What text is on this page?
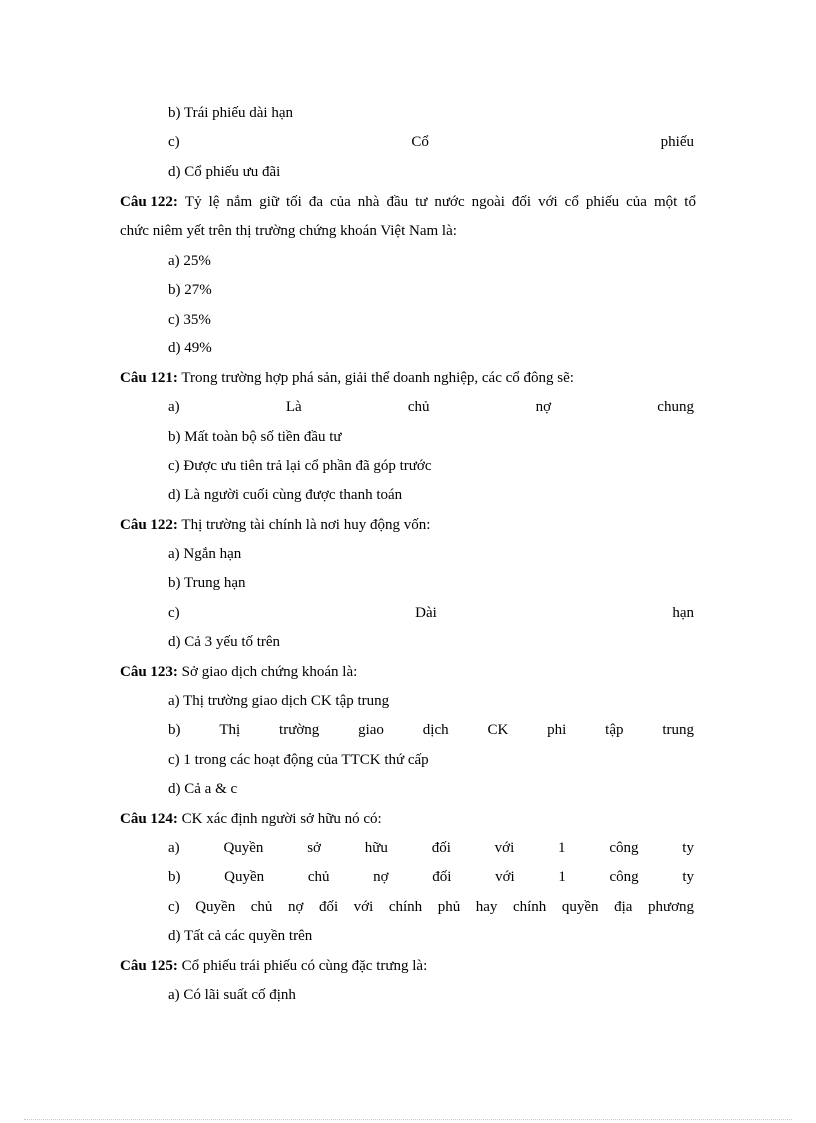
b) Trái phiếu dài hạn
c)	Cổ	phiếu
d) Cổ phiếu ưu đãi
Câu 122: Tỷ lệ nắm giữ tối đa của nhà đầu tư nước ngoài đối với cổ phiếu của một tổ
chức niêm yết trên thị trường chứng khoán Việt Nam là:
a) 25%
b) 27%
c) 35%
d) 49%
Câu 121: Trong trường hợp phá sản, giải thể doanh nghiệp, các cổ đông sẽ:
a)	Là	chủ	nợ	chung
b) Mất toàn bộ số tiền đầu tư
c) Được ưu tiên trả lại cổ phần đã góp trước
d) Là người cuối cùng được thanh toán
Câu 122: Thị trường tài chính là nơi huy động vốn:
a) Ngắn hạn
b) Trung hạn
c)	Dài	hạn
d) Cả 3 yếu tố trên
Câu 123: Sở giao dịch chứng khoán là:
a) Thị trường giao dịch CK tập trung
b)	Thị	trường	giao	dịch	CK	phi	tập	trung
c) 1 trong các hoạt động của TTCK thứ cấp
d) Cả a & c
Câu 124: CK xác định người sở hữu nó có:
a)	Quyền	sở	hữu	đối	với	1	công	ty
b)	Quyền	chủ	nợ	đối	với	1	công	ty
c) Quyền chủ nợ đối với chính phủ hay chính quyền địa phương
d) Tất cả các quyền trên
Câu 125: Cổ phiếu trái phiếu có cùng đặc trưng là:
a) Có lãi suất cố định
